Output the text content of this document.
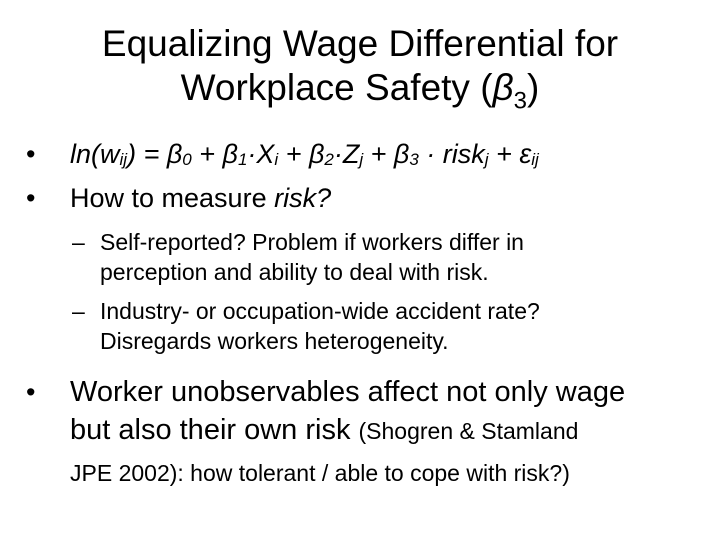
Equalizing Wage Differential for
Workplace Safety $(\beta_3)$
• $\ln(w_{ij}) = \beta_0 + \beta_1\cdot X_i + \beta_2\cdot Z_j + \beta_3$ · risk$_j$ + $\varepsilon_{ij}$
• How to measure risk?
– Self-reported? Problem if workers differ in
perception and ability to deal with risk.
– Industry- or occupation-wide accident rate?
Disregards workers heterogeneity.
• Worker unobservables affect not only wage
but also their own risk (Shogren & Stamland
JPE 2002): how tolerant / able to cope with risk?)
